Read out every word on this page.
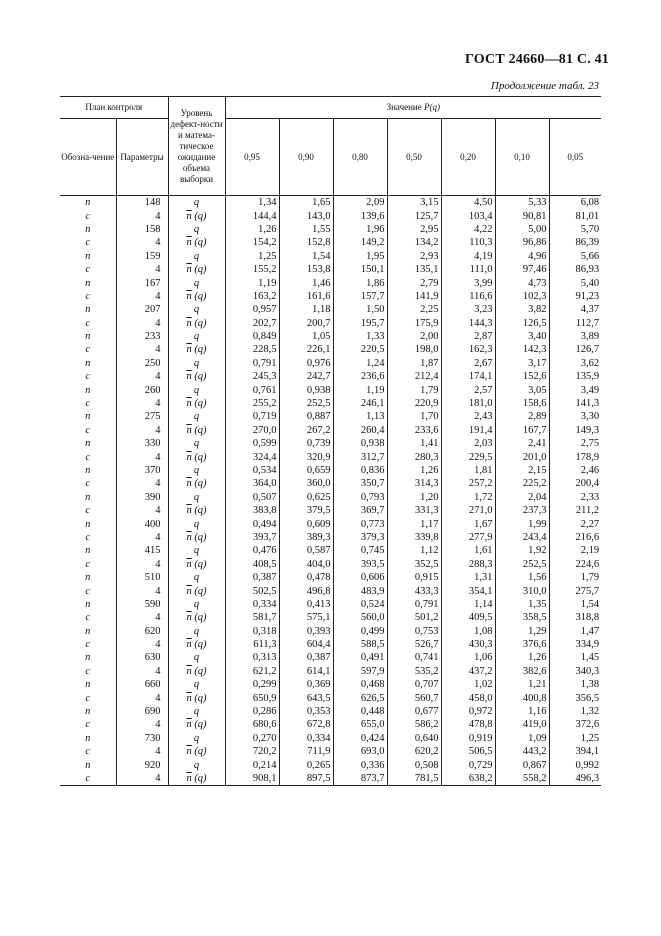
ГОСТ 24660—81 С. 41
Продолжение табл. 23
План контроля		Уровень дефект-ности и матема-тическое ожидание объема выборки	Значение P(q)						
Обозна-чение	Параметры		0,95	0,90	0,80	0,50	0,20	0,10	0,05
n	148	q	1,34	1,65	2,09	3,15	4,50	5,33	6,08
c	4	$\overline{n}$ (q)	144,4	143,0	139,6	125,7	103,4	90,81	81,01
n	158	q	1,26	1,55	1,96	2,95	4,22	5,00	5,70
c	4	$\overline{n}$ (q)	154,2	152,8	149,2	134,2	110,3	96,86	86,39
n	159	q	1,25	1,54	1,95	2,93	4,19	4,96	5,66
c	4	$\overline{n}$ (q)	155,2	153,8	150,1	135,1	111,0	97,46	86,93
n	167	q	1,19	1,46	1,86	2,79	3,99	4,73	5,40
c	4	$\overline{n}$ (q)	163,2	161,6	157,7	141,9	116,6	102,3	91,23
n	207	q	0,957	1,18	1,50	2,25	3,23	3,82	4,37
c	4	$\overline{n}$ (q)	202,7	200,7	195,7	175,9	144,3	126,5	112,7
n	233	q	0,849	1,05	1,33	2,00	2,87	3,40	3,89
c	4	$\overline{n}$ (q)	228,5	226,1	220,5	198,0	162,3	142,3	126,7
n	250	q	0,791	0,976	1,24	1,87	2,67	3,17	3,62
c	4	$\overline{n}$ (q)	245,3	242,7	236,6	212,4	174,1	152,6	135,9
n	260	q	0,761	0,938	1,19	1,79	2,57	3,05	3,49
c	4	$\overline{n}$ (q)	255,2	252,5	246,1	220,9	181,0	158,6	141,3
n	275	q	0,719	0,887	1,13	1,70	2,43	2,89	3,30
c	4	$\overline{n}$ (q)	270,0	267,2	260,4	233,6	191,4	167,7	149,3
n	330	q	0,599	0,739	0,938	1,41	2,03	2,41	2,75
c	4	$\overline{n}$ (q)	324,4	320,9	312,7	280,3	229,5	201,0	178,9
n	370	q	0,534	0,659	0,836	1,26	1,81	2,15	2,46
c	4	$\overline{n}$ (q)	364,0	360,0	350,7	314,3	257,2	225,2	200,4
n	390	q	0,507	0,625	0,793	1,20	1,72	2,04	2,33
c	4	$\overline{n}$ (q)	383,8	379,5	369,7	331,3	271,0	237,3	211,2
n	400	q	0,494	0,609	0,773	1,17	1,67	1,99	2,27
c	4	$\overline{n}$ (q)	393,7	389,3	379,3	339,8	277,9	243,4	216,6
n	415	q	0,476	0,587	0,745	1,12	1,61	1,92	2,19
c	4	$\overline{n}$ (q)	408,5	404,0	393,5	352,5	288,3	252,5	224,6
n	510	q	0,387	0,478	0,606	0,915	1,31	1,56	1,79
c	4	$\overline{n}$ (q)	502,5	496,8	483,9	433,3	354,1	310,0	275,7
n	590	q	0,334	0,413	0,524	0,791	1,14	1,35	1,54
c	4	$\overline{n}$ (q)	581,7	575,1	560,0	501,2	409,5	358,5	318,8
n	620	q	0,318	0,393	0,499	0,753	1,08	1,29	1,47
c	4	$\overline{n}$ (q)	611,3	604,4	588,5	526,7	430,3	376,6	334,9
n	630	q	0,313	0,387	0,491	0,741	1,06	1,26	1,45
c	4	$\overline{n}$ (q)	621,2	614,1	597,9	535,2	437,2	382,6	340,3
n	660	q	0,299	0,369	0,468	0,707	1,02	1,21	1,38
c	4	$\overline{n}$ (q)	650,9	643,5	626,5	560,7	458,0	400,8	356,5
n	690	q	0,286	0,353	0,448	0,677	0,972	1,16	1,32
c	4	$\overline{n}$ (q)	680,6	672,8	655,0	586,2	478,8	419,0	372,6
n	730	q	0,270	0,334	0,424	0,640	0,919	1,09	1,25
c	4	$\overline{n}$ (q)	720,2	711,9	693,0	620,2	506,5	443,2	394,1
n	920	q	0,214	0,265	0,336	0,508	0,729	0,867	0,992
c	4	$\overline{n}$ (q)	908,1	897,5	873,7	781,5	638,2	558,2	496,3
